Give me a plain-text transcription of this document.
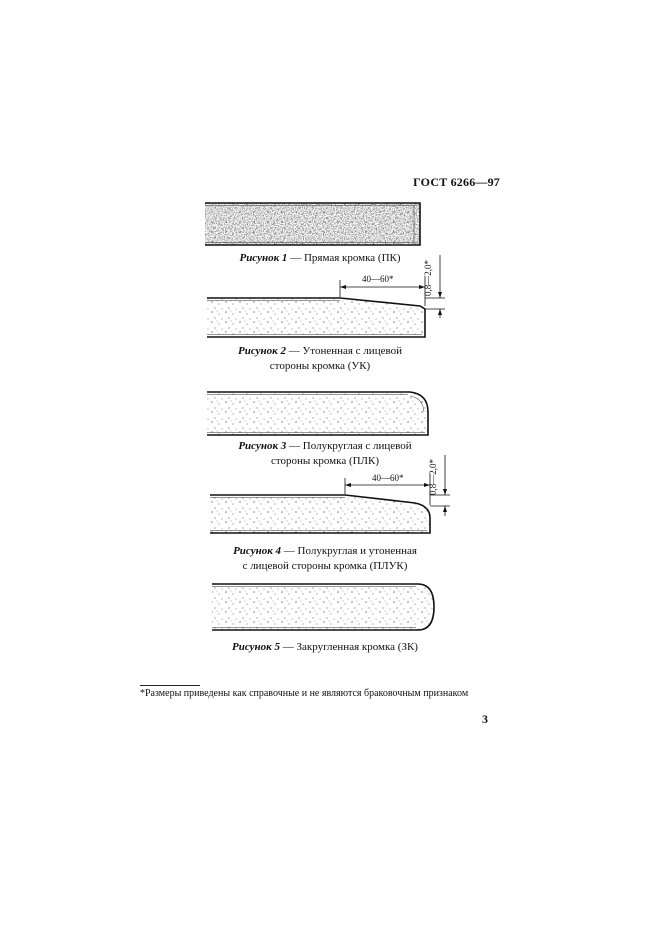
ГОСТ 6266—97
40—60*	0,8—2,0*
40—60*	0,8—2,0*
Рисунок 1 — Прямая кромка (ПК)
Рисунок 2 — Утоненная с лицевой
стороны кромка (УК)
Рисунок 3 — Полукруглая с лицевой
стороны кромка (ПЛК)
Рисунок 4 — Полукруглая и утоненная
с лицевой стороны кромка (ПЛУК)
Рисунок 5 — Закругленная кромка (ЗК)
*Размеры приведены как справочные и не являются браковочным признаком
3
